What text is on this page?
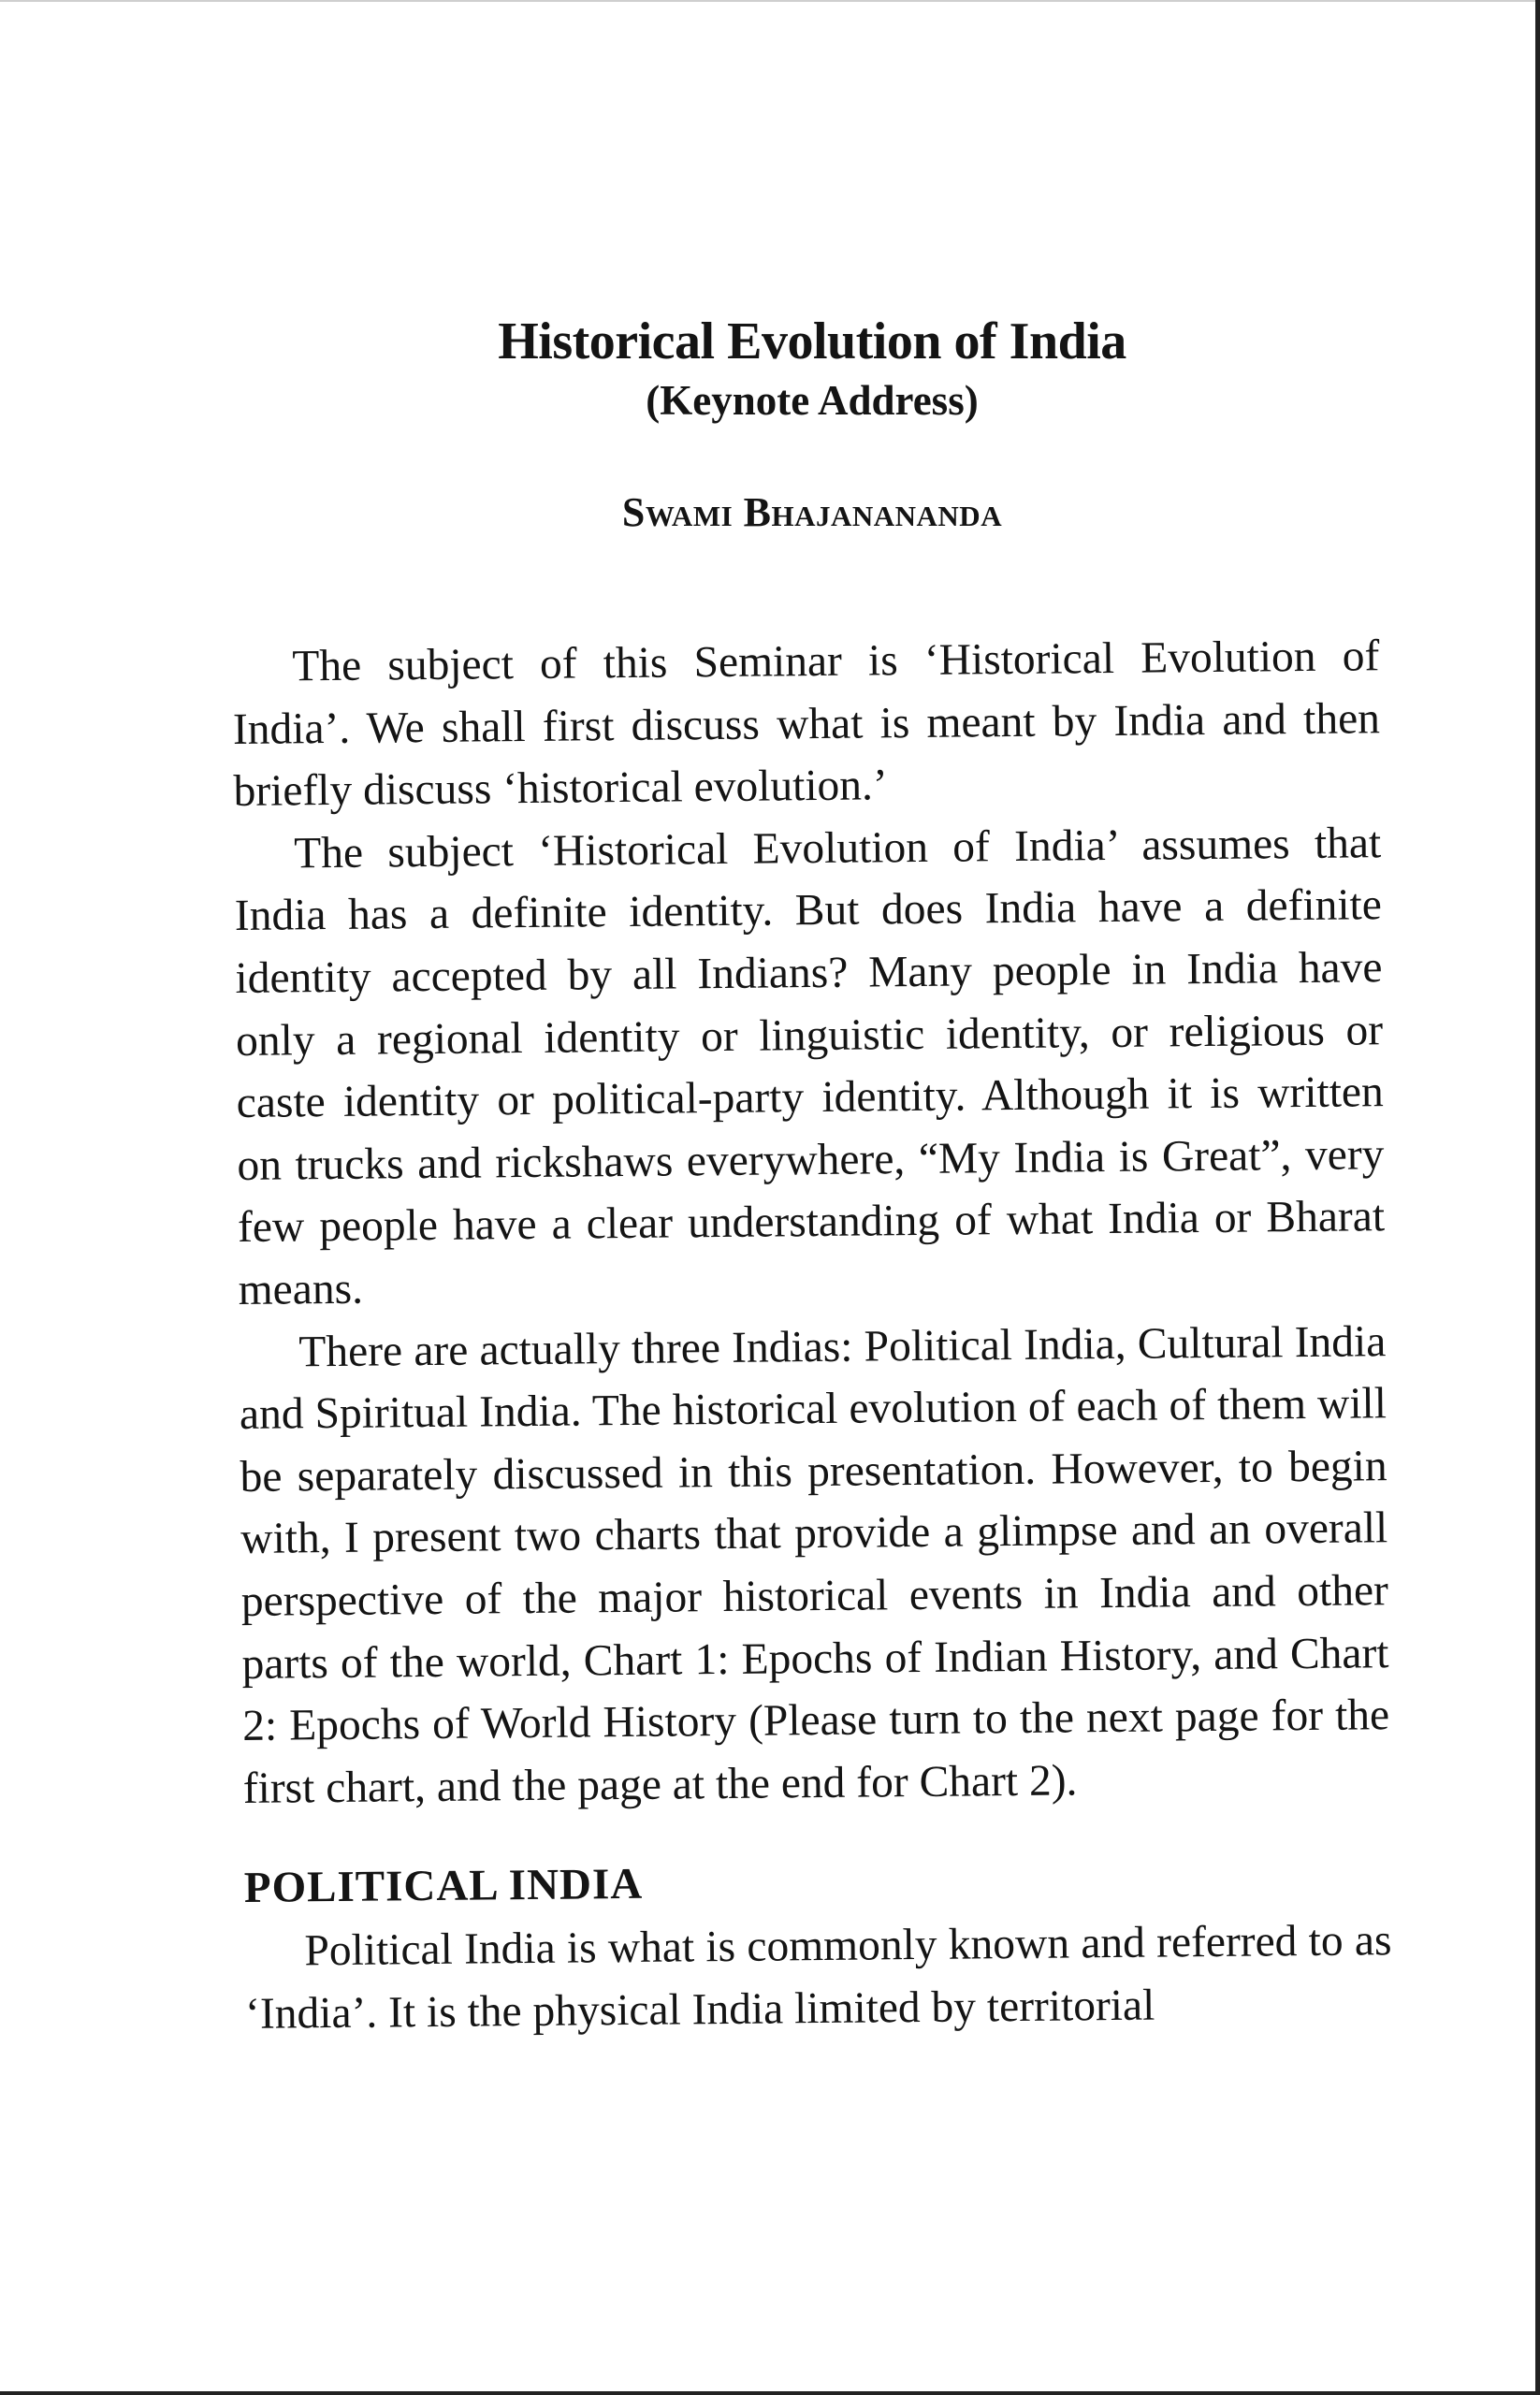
Historical Evolution of India
(Keynote Address)
Swami Bhajanananda

The subject of this Seminar is ‘Historical Evolution of India’. We shall first discuss what is meant by India and then briefly discuss ‘historical evolution.’

The subject ‘Historical Evolution of India’ assumes that India has a definite identity. But does India have a definite identity accepted by all Indians? Many people in India have only a regional identity or linguistic identity, or religious or caste identity or political-party identity. Although it is written on trucks and rickshaws everywhere, “My India is Great”, very few people have a clear understanding of what India or Bharat means.

There are actually three Indias: Political India, Cultural India and Spiritual India. The historical evolution of each of them will be separately discussed in this presentation. However, to begin with, I present two charts that provide a glimpse and an overall perspective of the major historical events in India and other parts of the world, Chart 1: Epochs of Indian History, and Chart 2: Epochs of World History (Please turn to the next page for the first chart, and the page at the end for Chart 2).

POLITICAL INDIA

Political India is what is commonly known and referred to as ‘India’. It is the physical India limited by territorial
